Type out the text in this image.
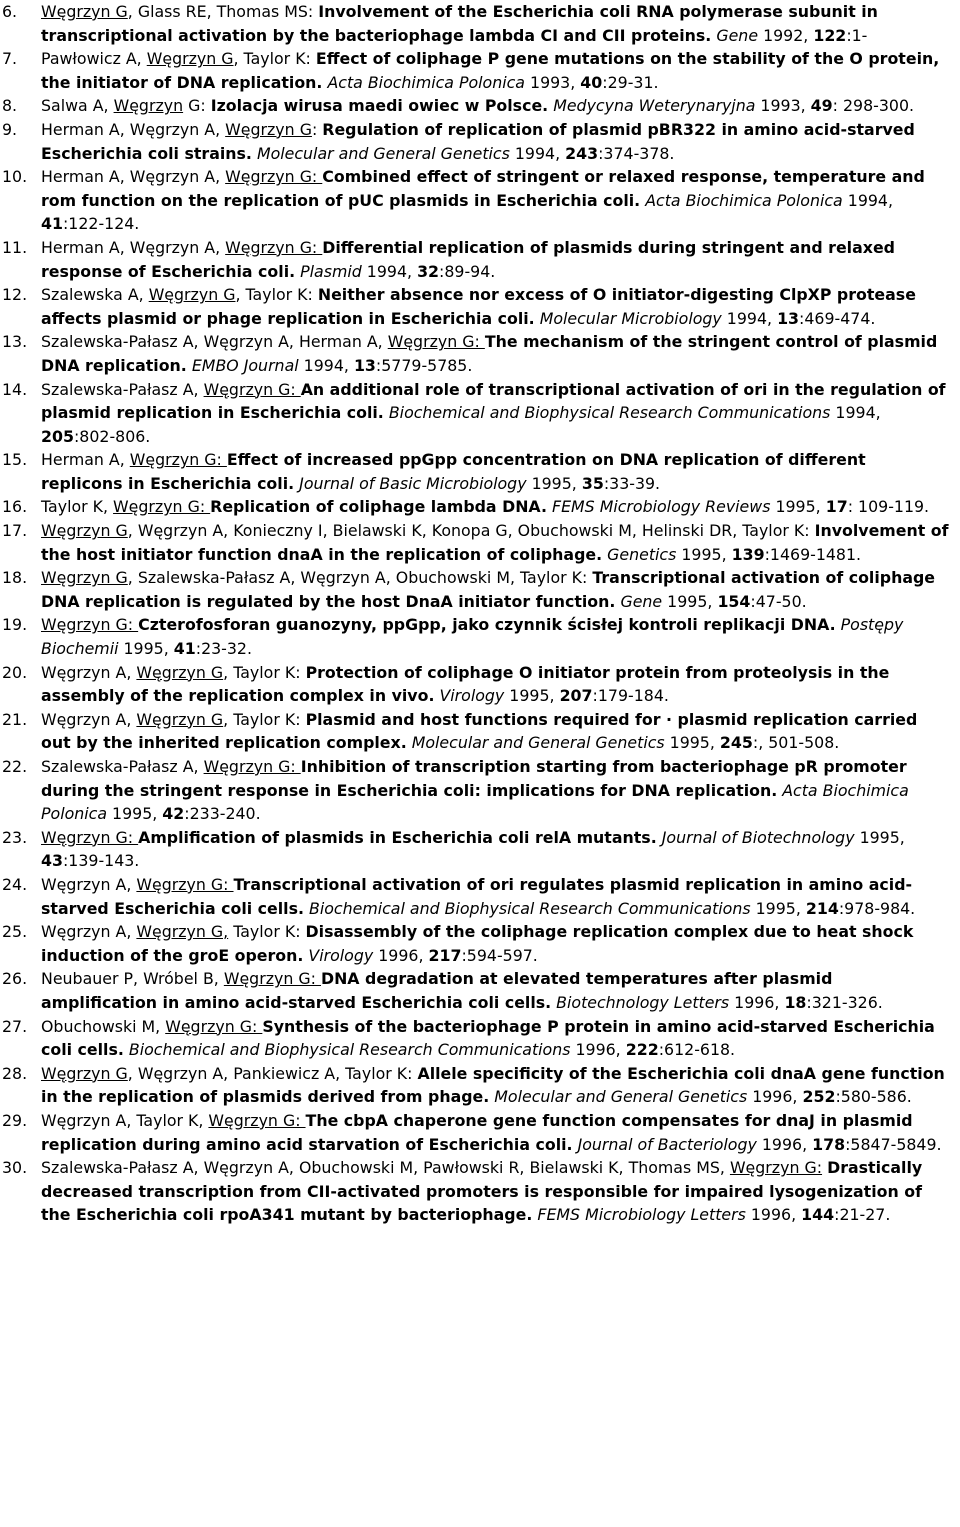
6. Węgrzyn G, Glass RE, Thomas MS: Involvement of the Escherichia coli RNA polymerase subunit in transcriptional activation by the bacteriophage lambda CI and CII proteins. Gene 1992, 122:1-
7. Pawłowicz A, Węgrzyn G, Taylor K: Effect of coliphage P gene mutations on the stability of the O protein, the initiator of DNA replication. Acta Biochimica Polonica 1993, 40:29-31.
8. Salwa A, Węgrzyn G: Izolacja wirusa maedi owiec w Polsce. Medycyna Weterynaryjna 1993, 49: 298-300.
9. Herman A, Węgrzyn A, Węgrzyn G: Regulation of replication of plasmid pBR322 in amino acid-starved Escherichia coli strains. Molecular and General Genetics 1994, 243:374-378.
10. Herman A, Węgrzyn A, Węgrzyn G: Combined effect of stringent or relaxed response, temperature and rom function on the replication of pUC plasmids in Escherichia coli. Acta Biochimica Polonica 1994, 41:122-124.
11. Herman A, Węgrzyn A, Węgrzyn G: Differential replication of plasmids during stringent and relaxed response of Escherichia coli. Plasmid 1994, 32:89-94.
12. Szalewska A, Węgrzyn G, Taylor K: Neither absence nor excess of O initiator-digesting ClpXP protease affects plasmid or phage replication in Escherichia coli. Molecular Microbiology 1994, 13:469-474.
13. Szalewska-Pałasz A, Węgrzyn A, Herman A, Węgrzyn G: The mechanism of the stringent control of plasmid DNA replication. EMBO Journal 1994, 13:5779-5785.
14. Szalewska-Pałasz A, Węgrzyn G: An additional role of transcriptional activation of ori in the regulation of plasmid replication in Escherichia coli. Biochemical and Biophysical Research Communications 1994, 205:802-806.
15. Herman A, Węgrzyn G: Effect of increased ppGpp concentration on DNA replication of different replicons in Escherichia coli. Journal of Basic Microbiology 1995, 35:33-39.
16. Taylor K, Węgrzyn G: Replication of coliphage lambda DNA. FEMS Microbiology Reviews 1995, 17: 109-119.
17. Węgrzyn G, Węgrzyn A, Konieczny I, Bielawski K, Konopa G, Obuchowski M, Helinski DR, Taylor K: Involvement of the host initiator function dnaA in the replication of coliphage. Genetics 1995, 139:1469-1481.
18. Węgrzyn G, Szalewska-Pałasz A, Węgrzyn A, Obuchowski M, Taylor K: Transcriptional activation of coliphage DNA replication is regulated by the host DnaA initiator function. Gene 1995, 154:47-50.
19. Węgrzyn G: Czterofosforan guanozyny, ppGpp, jako czynnik ścisłej kontroli replikacji DNA. Postępy Biochemii 1995, 41:23-32.
20. Węgrzyn A, Węgrzyn G, Taylor K: Protection of coliphage O initiator protein from proteolysis in the assembly of the replication complex in vivo. Virology 1995, 207:179-184.
21. Węgrzyn A, Węgrzyn G, Taylor K: Plasmid and host functions required for · plasmid replication carried out by the inherited replication complex. Molecular and General Genetics 1995, 245:, 501-508.
22. Szalewska-Pałasz A, Węgrzyn G: Inhibition of transcription starting from bacteriophage pR promoter during the stringent response in Escherichia coli: implications for DNA replication. Acta Biochimica Polonica 1995, 42:233-240.
23. Węgrzyn G: Amplification of plasmids in Escherichia coli relA mutants. Journal of Biotechnology 1995, 43:139-143.
24. Węgrzyn A, Węgrzyn G: Transcriptional activation of ori regulates plasmid replication in amino acid-starved Escherichia coli cells. Biochemical and Biophysical Research Communications 1995, 214:978-984.
25. Węgrzyn A, Węgrzyn G, Taylor K: Disassembly of the coliphage replication complex due to heat shock induction of the groE operon. Virology 1996, 217:594-597.
26. Neubauer P, Wróbel B, Węgrzyn G: DNA degradation at elevated temperatures after plasmid amplification in amino acid-starved Escherichia coli cells. Biotechnology Letters 1996, 18:321-326.
27. Obuchowski M, Węgrzyn G: Synthesis of the bacteriophage P protein in amino acid-starved Escherichia coli cells. Biochemical and Biophysical Research Communications 1996, 222:612-618.
28. Węgrzyn G, Węgrzyn A, Pankiewicz A, Taylor K: Allele specificity of the Escherichia coli dnaA gene function in the replication of plasmids derived from phage. Molecular and General Genetics 1996, 252:580-586.
29. Węgrzyn A, Taylor K, Węgrzyn G: The cbpA chaperone gene function compensates for dnaJ in plasmid replication during amino acid starvation of Escherichia coli. Journal of Bacteriology 1996, 178:5847-5849.
30. Szalewska-Pałasz A, Węgrzyn A, Obuchowski M, Pawłowski R, Bielawski K, Thomas MS, Węgrzyn G: Drastically decreased transcription from CII-activated promoters is responsible for impaired lysogenization of the Escherichia coli rpoA341 mutant by bacteriophage. FEMS Microbiology Letters 1996, 144:21-27.
